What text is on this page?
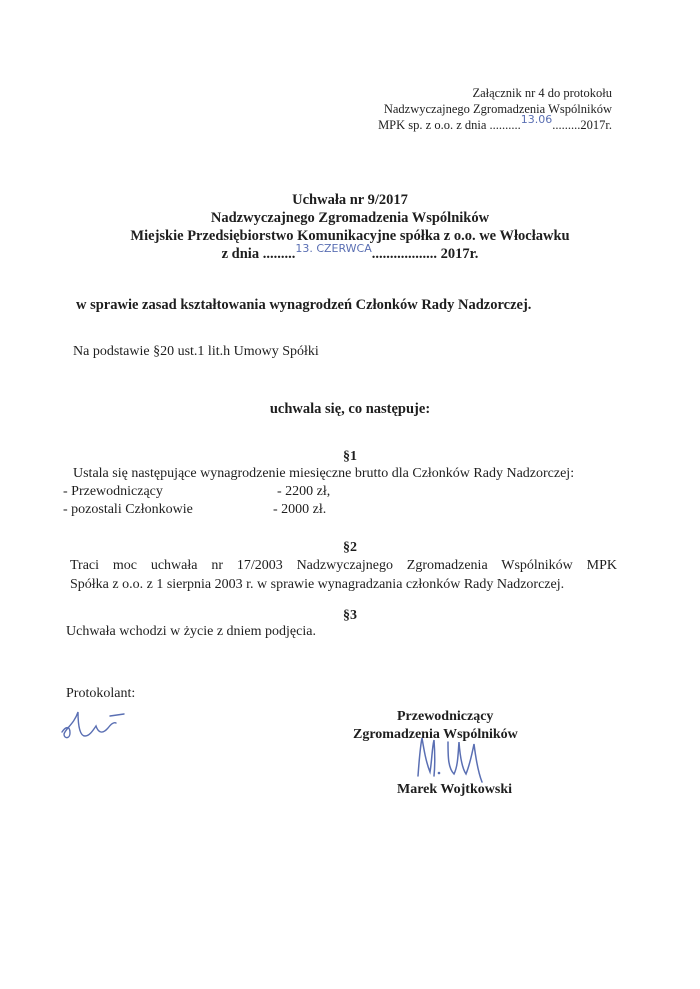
Załącznik nr 4 do protokołu
Nadzwyczajnego Zgromadzenia Wspólników
MPK sp. z o.o. z dnia ..........13.06.........2017r.
Uchwała nr 9/2017
Nadzwyczajnego Zgromadzenia Wspólników
Miejskie Przedsiębiorstwo Komunikacyjne spółka z o.o. we Włocławku
z dnia .........$^{13. CZERWCA}$.................. 2017r.
w sprawie zasad kształtowania wynagrodzeń Członków Rady Nadzorczej.
Na podstawie §20 ust.1 lit.h Umowy Spółki
uchwala się, co następuje:
§1
Ustala się następujące wynagrodzenie miesięczne brutto dla Członków Rady Nadzorczej:
- Przewodniczący	- 2200 zł,
- pozostali Członkowie	- 2000 zł.
§2
Traci moc uchwała nr 17/2003 Nadzwyczajnego Zgromadzenia Wspólników MPK
Spółka z o.o. z 1 sierpnia 2003 r. w sprawie wynagradzania członków Rady Nadzorczej.
§3
Uchwała wchodzi w życie z dniem podjęcia.
Protokolant:
Przewodniczący
Zgromadzenia Wspólników
Marek Wojtkowski
